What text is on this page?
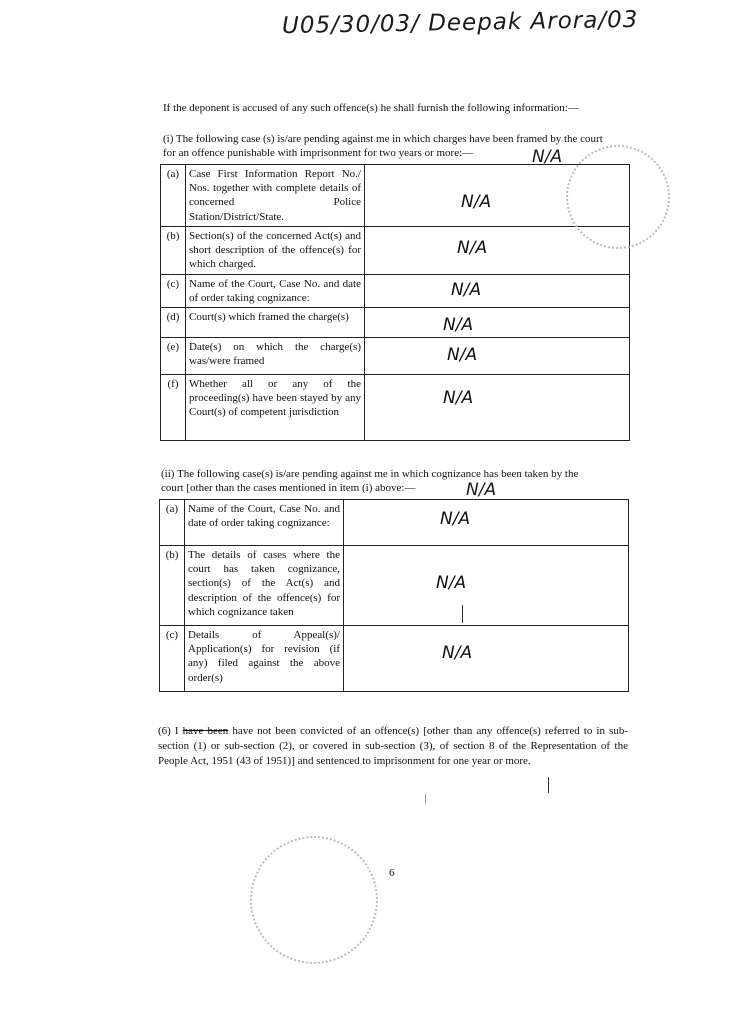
U05/30/03/ Deepak Arora/03
If the deponent is accused of any such offence(s) he shall furnish the following information:—
(i) The following case (s) is/are pending against me in which charges have been framed by the court
for an offence punishable with imprisonment for two years or more:—	N/A
(a)	Case First Information Report No./ Nos. together with complete details of concerned Police Station/District/State.	N/A

(b)	Section(s) of the concerned Act(s) and short description of the offence(s) for which charged.	N/A

(c)	Name of the Court, Case No. and date of order taking cognizance:	N/A

(d)	Court(s) which framed the charge(s)	N/A

(e)	Date(s) on which the charge(s) was/were framed	N/A

(f)	Whether all or any of the proceeding(s) have been stayed by any Court(s) of competent jurisdiction	N/A
(ii) The following case(s) is/are pending against me in which cognizance has been taken by the
court [other than the cases mentioned in item (i) above:—	N/A
(a)	Name of the Court, Case No. and date of order taking cognizance:	N/A

(b)	The details of cases where the court has taken cognizance, section(s) of the Act(s) and description of the offence(s) for which cognizance taken	N/A

(c)	Details of Appeal(s)/ Application(s) for revision (if any) filed against the above order(s)	N/A
(6) I have been have not been convicted of an offence(s) [other than any offence(s) referred to in sub-section (1) or sub-section (2), or covered in sub-section (3), of section 8 of the Representation of the People Act, 1951 (43 of 1951)] and sentenced to imprisonment for one year or more.
6
